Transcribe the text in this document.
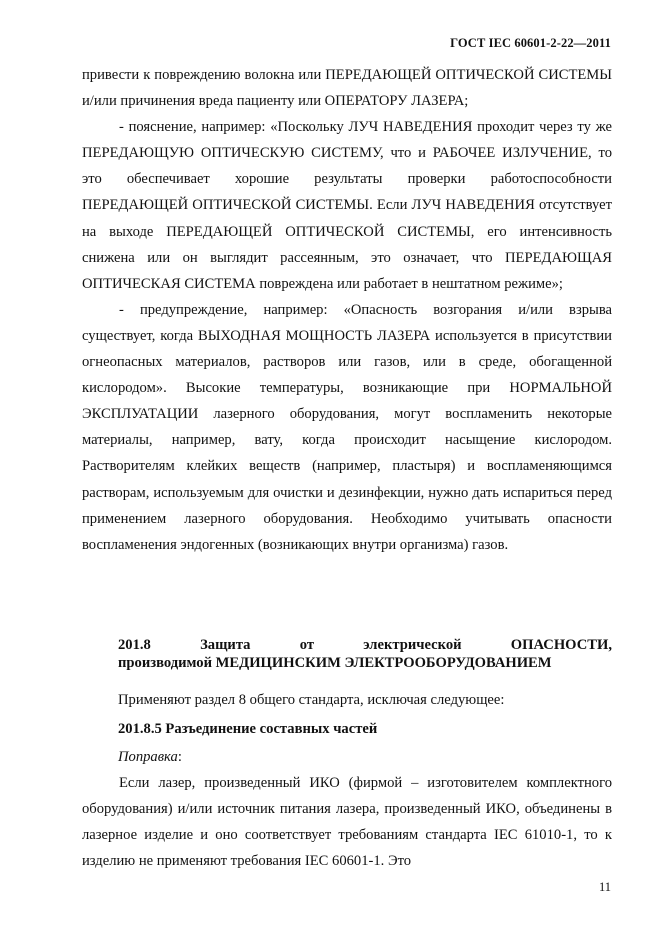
ГОСТ IEC 60601-2-22—2011

привести к повреждению волокна или ПЕРЕДАЮЩЕЙ ОПТИЧЕСКОЙ СИСТЕМЫ и/или причинения вреда пациенту или ОПЕРАТОРУ ЛАЗЕРА;

- пояснение, например: «Поскольку ЛУЧ НАВЕДЕНИЯ проходит через ту же ПЕРЕДАЮЩУЮ ОПТИЧЕСКУЮ СИСТЕМУ, что и РАБОЧЕЕ ИЗЛУЧЕНИЕ, то это обеспечивает хорошие результаты проверки работоспособности ПЕРЕДАЮЩЕЙ ОПТИЧЕСКОЙ СИСТЕМЫ. Если ЛУЧ НАВЕДЕНИЯ отсутствует на выходе ПЕРЕДАЮЩЕЙ ОПТИЧЕСКОЙ СИСТЕМЫ, его интенсивность снижена или он выглядит рассеянным, это означает, что ПЕРЕДАЮЩАЯ ОПТИЧЕСКАЯ СИСТЕМА повреждена или работает в нештатном режиме»;

- предупреждение, например: «Опасность возгорания и/или взрыва существует, когда ВЫХОДНАЯ МОЩНОСТЬ ЛАЗЕРА используется в присутствии огнеопасных материалов, растворов или газов, или в среде, обогащенной кислородом». Высокие температуры, возникающие при НОРМАЛЬНОЙ ЭКСПЛУАТАЦИИ лазерного оборудования, могут воспламенить некоторые материалы, например, вату, когда происходит насыщение кислородом. Растворителям клейких веществ (например, пластыря) и воспламеняющимся растворам, используемым для очистки и дезинфекции, нужно дать испариться перед применением лазерного оборудования. Необходимо учитывать опасности воспламенения эндогенных (возникающих внутри организма) газов.

201.8	Защита	от	электрической	ОПАСНОСТИ,
производимой МЕДИЦИНСКИМ ЭЛЕКТРООБОРУДОВАНИЕМ
Применяют раздел 8 общего стандарта, исключая следующее:
201.8.5 Разъединение составных частей
Поправка:

Если лазер, произведенный ИКО (фирмой – изготовителем комплектного оборудования) и/или источник питания лазера, произведенный ИКО, объединены в лазерное изделие и оно соответствует требованиям стандарта IEC 61010-1, то к изделию не применяют требования IEC 60601-1. Это

11
